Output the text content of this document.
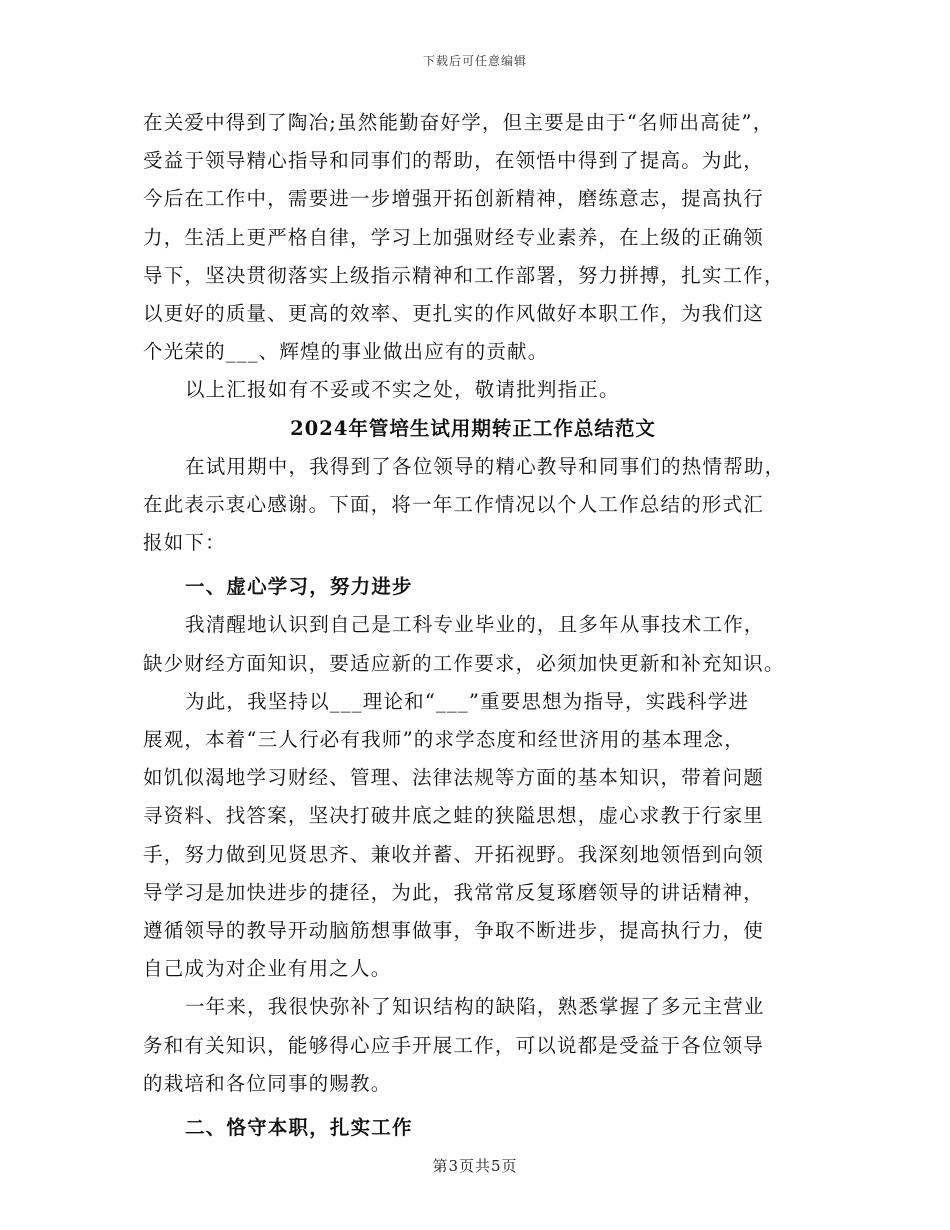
下载后可任意编辑
在关爱中得到了陶冶;虽然能勤奋好学，但主要是由于“名师出高徒”，
受益于领导精心指导和同事们的帮助，在领悟中得到了提高。为此，
今后在工作中，需要进一步增强开拓创新精神，磨练意志，提高执行
力，生活上更严格自律，学习上加强财经专业素养，在上级的正确领
导下，坚决贯彻落实上级指示精神和工作部署，努力拼搏，扎实工作，
以更好的质量、更高的效率、更扎实的作风做好本职工作，为我们这
个光荣的___、辉煌的事业做出应有的贡献。
以上汇报如有不妥或不实之处，敬请批判指正。
2024年管培生试用期转正工作总结范文
在试用期中，我得到了各位领导的精心教导和同事们的热情帮助，
在此表示衷心感谢。下面，将一年工作情况以个人工作总结的形式汇
报如下：
一、虚心学习，努力进步
我清醒地认识到自己是工科专业毕业的，且多年从事技术工作，
缺少财经方面知识，要适应新的工作要求，必须加快更新和补充知识。
为此，我坚持以___理论和“___”重要思想为指导，实践科学进
展观，本着“三人行必有我师”的求学态度和经世济用的基本理念，
如饥似渴地学习财经、管理、法律法规等方面的基本知识，带着问题
寻资料、找答案，坚决打破井底之蛙的狭隘思想，虚心求教于行家里
手，努力做到见贤思齐、兼收并蓄、开拓视野。我深刻地领悟到向领
导学习是加快进步的捷径，为此，我常常反复琢磨领导的讲话精神，
遵循领导的教导开动脑筋想事做事，争取不断进步，提高执行力，使
自己成为对企业有用之人。
一年来，我很快弥补了知识结构的缺陷，熟悉掌握了多元主营业
务和有关知识，能够得心应手开展工作，可以说都是受益于各位领导
的栽培和各位同事的赐教。
二、恪守本职，扎实工作
第3页共5页
